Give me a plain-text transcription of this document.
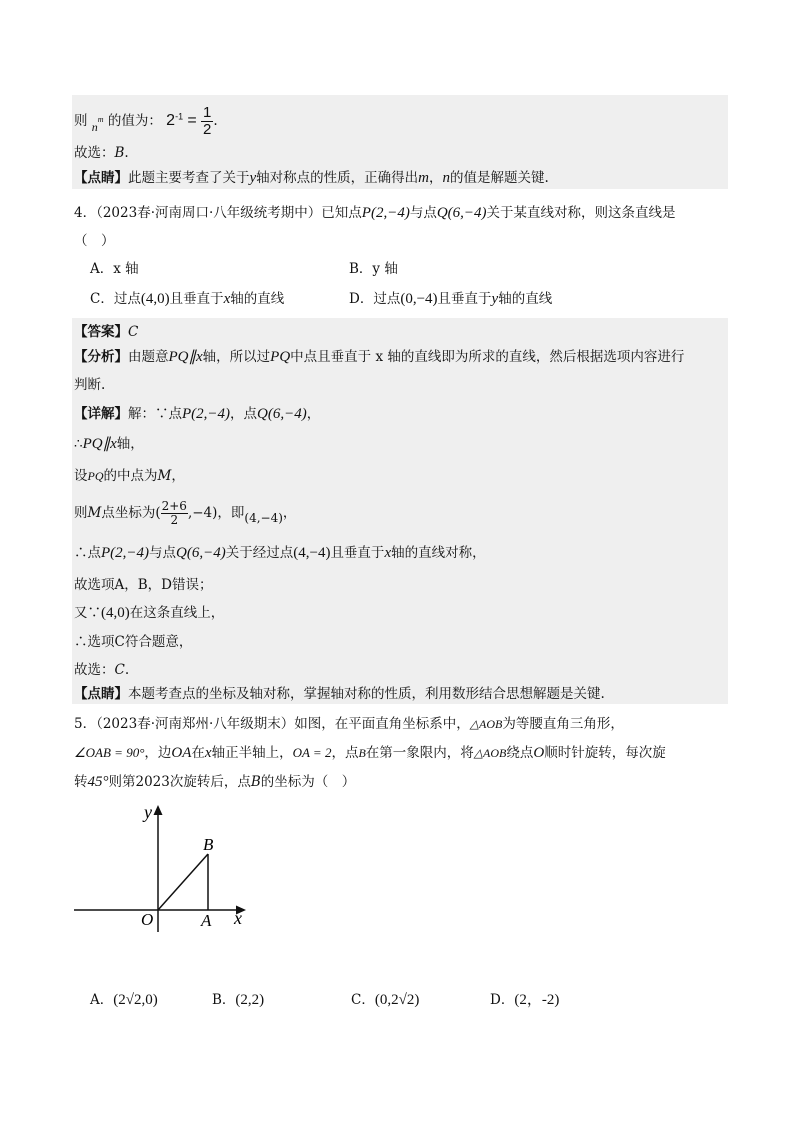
则 $n^m$ 的值为： $2^{-1} = \frac{1}{2}$ .
故选：B.
【点睛】此题主要考查了关于y轴对称点的性质，正确得出m，n的值是解题关键.
4．（2023春·河南周口·八年级统考期中）已知点P(2,−4)与点Q(6,−4)关于某直线对称，则这条直线是
（　）
A．x 轴	B．y 轴
C．过点(4,0)且垂直于x轴的直线	D．过点(0,−4)且垂直于y轴的直线
【答案】C
【分析】由题意PQ∥x轴，所以过PQ中点且垂直于 x 轴的直线即为所求的直线，然后根据选项内容进行
判断.
【详解】解：∵点P(2,−4)，点Q(6,−4)，
∴PQ∥x轴，
设PQ的中点为M，
则M点坐标为( $\frac{2+6}{2} ,-4$)，即(4,−4)，
∴点P(2,−4)与点Q(6,−4)关于经过点(4,−4)且垂直于x轴的直线对称，
故选项A，B，D错误；
又∵(4,0)在这条直线上，
∴选项C符合题意，
故选：C.
【点睛】本题考查点的坐标及轴对称，掌握轴对称的性质，利用数形结合思想解题是关键.
5．（2023春·河南郑州·八年级期末）如图，在平面直角坐标系中，△AOB为等腰直角三角形，
∠OAB = 90°，边OA在x轴正半轴上，OA = 2，点B在第一象限内，将△AOB绕点O顺时针旋转，每次旋
转45°则第2023次旋转后，点B的坐标为（　）
y
x
O	A
B
A．(2√2,0)	B．(2,2)	C．(0,2√2)	D．(2，-2)
